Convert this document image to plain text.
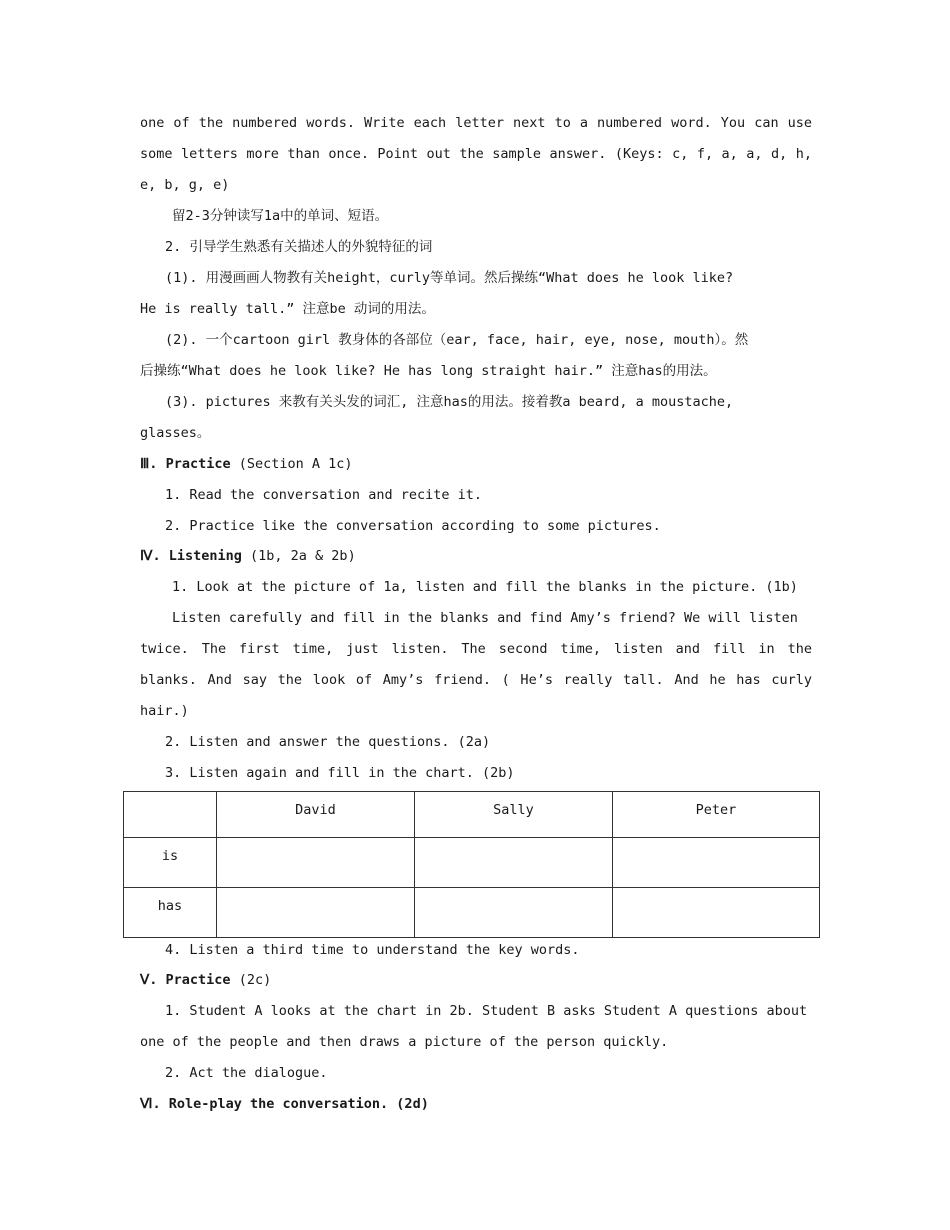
one of the numbered words. Write each letter next to a numbered word. You can use
some letters more than once. Point out the sample answer. (Keys: c, f, a, a, d, h,
e, b, g, e)
留2-3分钟读写1a中的单词、短语。
2. 引导学生熟悉有关描述人的外貌特征的词
(1). 用漫画画人物教有关height，curly等单词。然后操练“What does he look like?
He is really tall.” 注意be 动词的用法。
(2). 一个cartoon girl 教身体的各部位（ear, face, hair, eye, nose, mouth）。然
后操练“What does he look like? He has long straight hair.” 注意has的用法。
(3). pictures 来教有关头发的词汇, 注意has的用法。接着教a beard, a moustache,
glasses。
Ⅲ. Practice (Section A 1c)
1. Read the conversation and recite it.
2. Practice like the conversation according to some pictures.
Ⅳ. Listening (1b, 2a & 2b)
1. Look at the picture of 1a, listen and fill the blanks in the picture. (1b)
Listen carefully and fill in the blanks and find Amy’s friend? We will listen
twice. The first time, just listen. The second time, listen and fill in the
blanks. And say the look of Amy’s friend. ( He’s really tall. And he has curly
hair.)
2. Listen and answer the questions. (2a)
3. Listen again and fill in the chart. (2b)
	David	Sally	Peter
is			
has			
4. Listen a third time to understand the key words.
Ⅴ. Practice (2c)
1. Student A looks at the chart in 2b. Student B asks Student A questions about
one of the people and then draws a picture of the person quickly.
2. Act the dialogue.
Ⅵ. Role-play the conversation. (2d)
